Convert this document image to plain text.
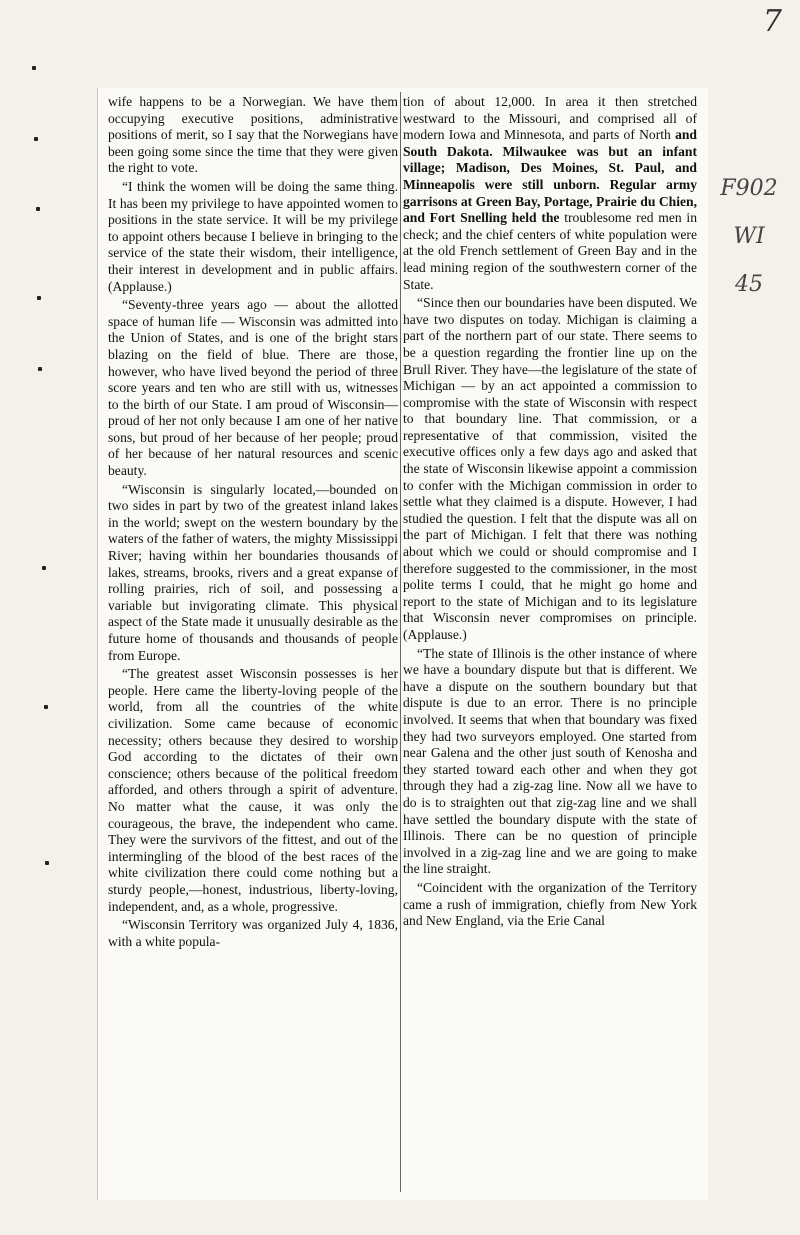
7
F902
WI
45

wife happens to be a Norwegian. We have them occupying executive positions, administrative positions of merit, so I say that the Norwegians have been going some since the time that they were given the right to vote.

“I think the women will be doing the same thing. It has been my privilege to have appointed women to positions in the state service. It will be my privilege to appoint others because I believe in bringing to the service of the state their wisdom, their intelligence, their interest in development and in public affairs. (Applause.)

“Seventy-three years ago — about the allotted space of human life — Wisconsin was admitted into the Union of States, and is one of the bright stars blazing on the field of blue. There are those, however, who have lived beyond the period of three score years and ten who are still with us, witnesses to the birth of our State. I am proud of Wisconsin—proud of her not only because I am one of her native sons, but proud of her because of her people; proud of her because of her natural resources and scenic beauty.

“Wisconsin is singularly located,—bounded on two sides in part by two of the greatest inland lakes in the world; swept on the western boundary by the waters of the father of waters, the mighty Mississippi River; having within her boundaries thousands of lakes, streams, brooks, rivers and a great expanse of rolling prairies, rich of soil, and possessing a variable but invigorating climate. This physical aspect of the State made it unusually desirable as the future home of thousands and thousands of people from Europe.

“The greatest asset Wisconsin possesses is her people. Here came the liberty-loving people of the world, from all the countries of the white civilization. Some came because of economic necessity; others because they desired to worship God according to the dictates of their own conscience; others because of the political freedom afforded, and others through a spirit of adventure. No matter what the cause, it was only the courageous, the brave, the independent who came. They were the survivors of the fittest, and out of the intermingling of the blood of the best races of the white civilization there could come nothing but a sturdy people,—honest, industrious, liberty-loving, independent, and, as a whole, progressive.

“Wisconsin Territory was organized July 4, 1836, with a white popula-

tion of about 12,000. In area it then stretched westward to the Missouri, and comprised all of modern Iowa and Minnesota, and parts of North and South Dakota. Milwaukee was but an infant village; Madison, Des Moines, St. Paul, and Minneapolis were still unborn. Regular army garrisons at Green Bay, Portage, Prairie du Chien, and Fort Snelling held the troublesome red men in check; and the chief centers of white population were at the old French settlement of Green Bay and in the lead mining region of the southwestern corner of the State.

“Since then our boundaries have been disputed. We have two disputes on today. Michigan is claiming a part of the northern part of our state. There seems to be a question regarding the frontier line up on the Brull River. They have—the legislature of the state of Michigan — by an act appointed a commission to compromise with the state of Wisconsin with respect to that boundary line. That commission, or a representative of that commission, visited the executive offices only a few days ago and asked that the state of Wisconsin likewise appoint a commission to confer with the Michigan commission in order to settle what they claimed is a dispute. However, I had studied the question. I felt that the dispute was all on the part of Michigan. I felt that there was nothing about which we could or should compromise and I therefore suggested to the commissioner, in the most polite terms I could, that he might go home and report to the state of Michigan and to its legislature that Wisconsin never compromises on principle. (Applause.)

“The state of Illinois is the other instance of where we have a boundary dispute but that is different. We have a dispute on the southern boundary but that dispute is due to an error. There is no principle involved. It seems that when that boundary was fixed they had two surveyors employed. One started from near Galena and the other just south of Kenosha and they started toward each other and when they got through they had a zig-zag line. Now all we have to do is to straighten out that zig-zag line and we shall have settled the boundary dispute with the state of Illinois. There can be no question of principle involved in a zig-zag line and we are going to make the line straight.

“Coincident with the organization of the Territory came a rush of immigration, chiefly from New York and New England, via the Erie Canal
